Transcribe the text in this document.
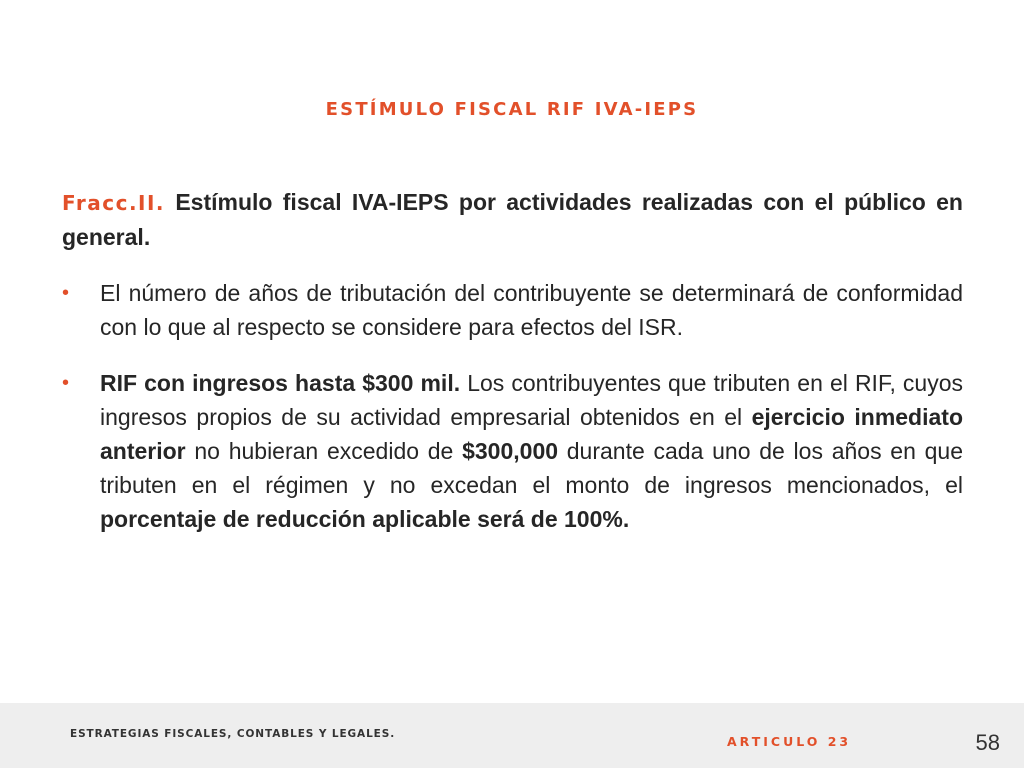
ESTÍMULO FISCAL RIF IVA-IEPS

Fracc.II. Estímulo fiscal IVA-IEPS por actividades realizadas con el público en general.

• El número de años de tributación del contribuyente se determinará de conformidad con lo que al respecto se considere para efectos del ISR.
• RIF con ingresos hasta $300 mil. Los contribuyentes que tributen en el RIF, cuyos ingresos propios de su actividad empresarial obtenidos en el ejercicio inmediato anterior no hubieran excedido de $300,000 durante cada uno de los años en que tributen en el régimen y no excedan el monto de ingresos mencionados, el porcentaje de reducción aplicable será de 100%.
ESTRATEGIAS FISCALES, CONTABLES Y LEGALES.	ARTICULO 23	58
